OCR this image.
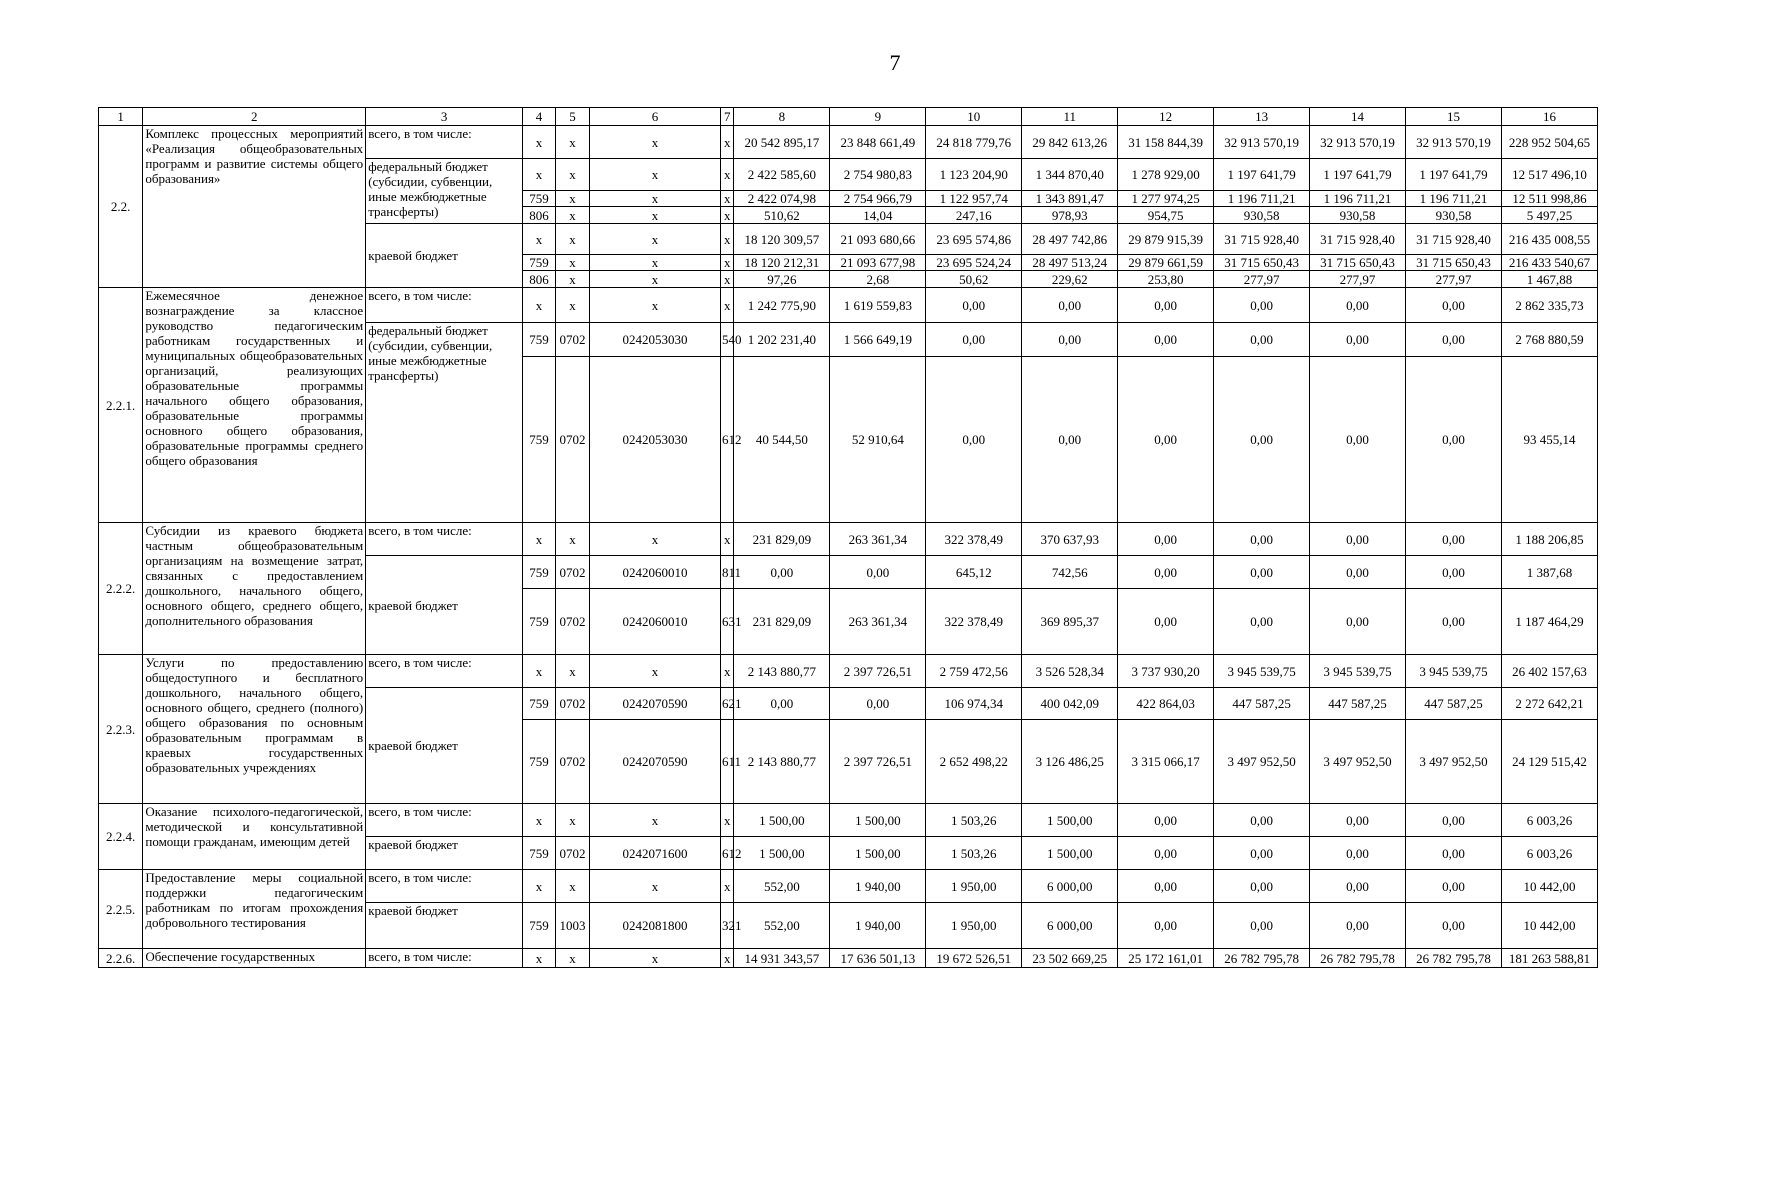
7
1	2	3	4	5	6	7	8	9	10	11	12	13	14	15	16
2.2.	Комплекс процессных мероприятий «Реализация общеобразовательных программ и развитие системы общего образования»	всего, в том числе:	х	х	х	х	20 542 895,17	23 848 661,49	24 818 779,76	29 842 613,26	31 158 844,39	32 913 570,19	32 913 570,19	32 913 570,19	228 952 504,65
		федеральный бюджет (субсидии, субвенции, иные межбюджетные трансферты)	х	х	х	х	2 422 585,60	2 754 980,83	1 123 204,90	1 344 870,40	1 278 929,00	1 197 641,79	1 197 641,79	1 197 641,79	12 517 496,10
			759	х	х	х	2 422 074,98	2 754 966,79	1 122 957,74	1 343 891,47	1 277 974,25	1 196 711,21	1 196 711,21	1 196 711,21	12 511 998,86
			806	х	х	х	510,62	14,04	247,16	978,93	954,75	930,58	930,58	930,58	5 497,25
		краевой бюджет	х	х	х	х	18 120 309,57	21 093 680,66	23 695 574,86	28 497 742,86	29 879 915,39	31 715 928,40	31 715 928,40	31 715 928,40	216 435 008,55
			759	х	х	х	18 120 212,31	21 093 677,98	23 695 524,24	28 497 513,24	29 879 661,59	31 715 650,43	31 715 650,43	31 715 650,43	216 433 540,67
			806	х	х	х	97,26	2,68	50,62	229,62	253,80	277,97	277,97	277,97	1 467,88
2.2.1.	Ежемесячное денежное вознаграждение за классное руководство педагогическим работникам государственных и муниципальных общеобразовательных организаций, реализующих образовательные программы начального общего образования, образовательные программы основного общего образования, образовательные программы среднего общего образования	всего, в том числе:	х	х	х	х	1 242 775,90	1 619 559,83	0,00	0,00	0,00	0,00	0,00	0,00	2 862 335,73
		федеральный бюджет (субсидии, субвенции, иные межбюджетные трансферты)	759	0702	0242053030	540	1 202 231,40	1 566 649,19	0,00	0,00	0,00	0,00	0,00	0,00	2 768 880,59
			759	0702	0242053030	612	40 544,50	52 910,64	0,00	0,00	0,00	0,00	0,00	0,00	93 455,14
2.2.2.	Субсидии из краевого бюджета частным общеобразовательным организациям на возмещение затрат, связанных с предоставлением дошкольного, начального общего, основного общего, среднего общего, дополнительного образования	всего, в том числе:	х	х	х	х	231 829,09	263 361,34	322 378,49	370 637,93	0,00	0,00	0,00	0,00	1 188 206,85
		краевой бюджет	759	0702	0242060010	811	0,00	0,00	645,12	742,56	0,00	0,00	0,00	0,00	1 387,68
			759	0702	0242060010	631	231 829,09	263 361,34	322 378,49	369 895,37	0,00	0,00	0,00	0,00	1 187 464,29
2.2.3.	Услуги по предоставлению общедоступного и бесплатного дошкольного, начального общего, основного общего, среднего (полного) общего образования по основным образовательным программам в краевых государственных образовательных учреждениях	всего, в том числе:	х	х	х	х	2 143 880,77	2 397 726,51	2 759 472,56	3 526 528,34	3 737 930,20	3 945 539,75	3 945 539,75	3 945 539,75	26 402 157,63
		краевой бюджет	759	0702	0242070590	621	0,00	0,00	106 974,34	400 042,09	422 864,03	447 587,25	447 587,25	447 587,25	2 272 642,21
			759	0702	0242070590	611	2 143 880,77	2 397 726,51	2 652 498,22	3 126 486,25	3 315 066,17	3 497 952,50	3 497 952,50	3 497 952,50	24 129 515,42
2.2.4.	Оказание психолого-педагогической, методической и консультативной помощи гражданам, имеющим детей	всего, в том числе:	х	х	х	х	1 500,00	1 500,00	1 503,26	1 500,00	0,00	0,00	0,00	0,00	6 003,26
		краевой бюджет	759	0702	0242071600	612	1 500,00	1 500,00	1 503,26	1 500,00	0,00	0,00	0,00	0,00	6 003,26
2.2.5.	Предоставление меры социальной поддержки педагогическим работникам по итогам прохождения добровольного тестирования	всего, в том числе:	х	х	х	х	552,00	1 940,00	1 950,00	6 000,00	0,00	0,00	0,00	0,00	10 442,00
		краевой бюджет	759	1003	0242081800	321	552,00	1 940,00	1 950,00	6 000,00	0,00	0,00	0,00	0,00	10 442,00
2.2.6.	Обеспечение государственных	всего, в том числе:	х	х	х	х	14 931 343,57	17 636 501,13	19 672 526,51	23 502 669,25	25 172 161,01	26 782 795,78	26 782 795,78	26 782 795,78	181 263 588,81
